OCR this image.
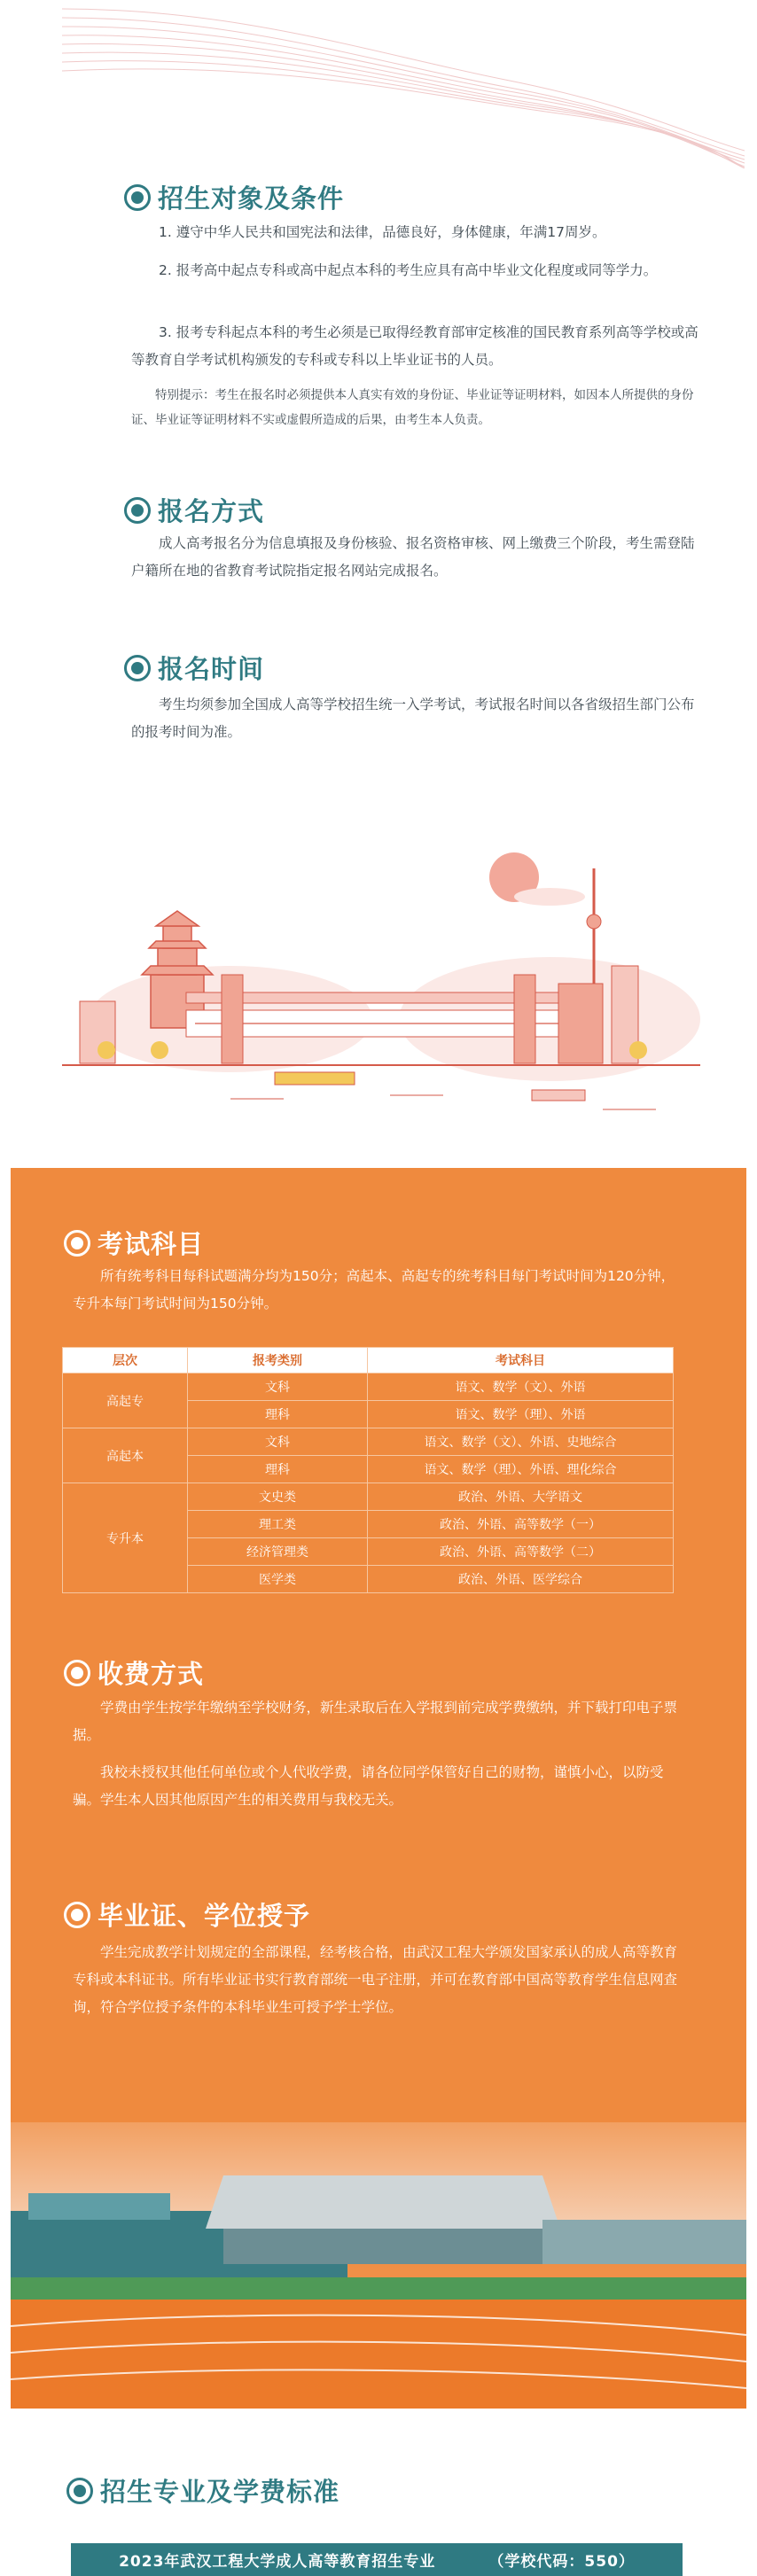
招生对象及条件
1. 遵守中华人民共和国宪法和法律，品德良好，身体健康，年满17周岁。
2. 报考高中起点专科或高中起点本科的考生应具有高中毕业文化程度或同等学力。
3. 报考专科起点本科的考生必须是已取得经教育部审定核准的国民教育系列高等学校或高等教育自学考试机构颁发的专科或专科以上毕业证书的人员。
特别提示：考生在报名时必须提供本人真实有效的身份证、毕业证等证明材料，如因本人所提供的身份证、毕业证等证明材料不实或虚假所造成的后果，由考生本人负责。
报名方式
成人高考报名分为信息填报及身份核验、报名资格审核、网上缴费三个阶段，考生需登陆户籍所在地的省教育考试院指定报名网站完成报名。
报名时间
考生均须参加全国成人高等学校招生统一入学考试，考试报名时间以各省级招生部门公布的报考时间为准。
考试科目
所有统考科目每科试题满分均为150分；高起本、高起专的统考科目每门考试时间为120分钟，专升本每门考试时间为150分钟。
层次	报考类别	考试科目
高起专	文科	语文、数学（文）、外语
	理科	语文、数学（理）、外语
高起本	文科	语文、数学（文）、外语、史地综合
	理科	语文、数学（理）、外语、理化综合
专升本	文史类	政治、外语、大学语文
	理工类	政治、外语、高等数学（一）
	经济管理类	政治、外语、高等数学（二）
	医学类	政治、外语、医学综合
收费方式
学费由学生按学年缴纳至学校财务，新生录取后在入学报到前完成学费缴纳，并下载打印电子票据。
我校未授权其他任何单位或个人代收学费，请各位同学保管好自己的财物，谨慎小心，以防受骗。学生本人因其他原因产生的相关费用与我校无关。
毕业证、学位授予
学生完成教学计划规定的全部课程，经考核合格，由武汉工程大学颁发国家承认的成人高等教育专科或本科证书。所有毕业证书实行教育部统一电子注册，并可在教育部中国高等教育学生信息网查询，符合学位授予条件的本科毕业生可授予学士学位。
招生专业及学费标准
2023年武汉工程大学成人高等教育招生专业	（学校代码：550）
